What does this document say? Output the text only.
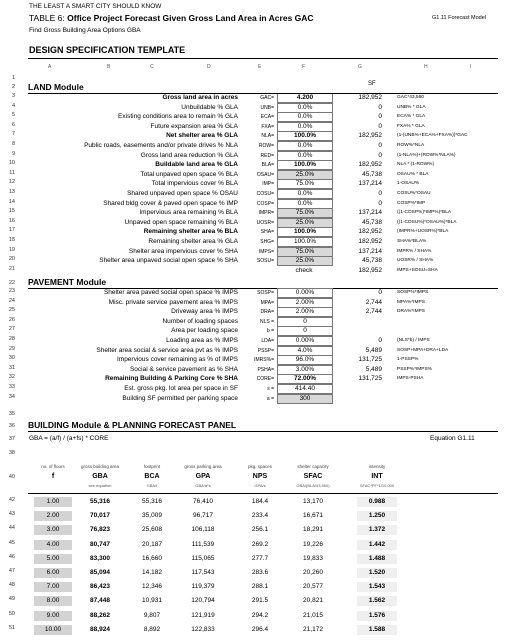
THE LEAST A SMART CITY SHOULD KNOW
TABLE 6: Office Project Forecast Given Gross Land Area in Acres GAC	G1.11 Forecast Model
Find Gross Building Area Options GBA
DESIGN SPECIFICATION TEMPLATE
A	B	C	D	E	F	G	H	I
1
2 LAND Module	SF
3	Gross land area in acres	GAC=	4.200	182,952	GAC*43,560
4	Unbuildable % GLA	UNB=	0.0%	0	UNB% * GLA
5	Existing conditions area to remain % GLA	ECA=	0.0%	0	ECA% * GLA
6	Future expansion area % GLA	FXA=	0.0%	0	FXA% * GLA
7	Net shelter area % GLA	NLA=	100.0%	182,952	(1-(UNB%+ECA%+FXA%))*GAC
8	Public roads, easements and/or private drives % NLA	ROW=	0.0%	0	ROW%*NLA
9	Gross land area reduction % GLA	RED=	0.0%	0	(1-NLA%)+(ROW%*NLA%)
10	Buildable land area % GLA	BLA=	100.0%	182,952	NLA * (1-ROW%)
11	Total unpaved open space % BLA	OSAU=	25.0%	45,738	OSAU% * BLA
12	Total impervious cover % BLA	IMP=	75.0%	137,214	1-OSAU%
13	Shared unpaved open space % OSAU	COSU=	0.0%	0	COSU%*OSAU
14	Shared bldg cover & paved open space % IMP	COSP=	0.0%	0	COSP%*IMP
15	Impervious area remaining % BLA	IMPR=	75.0%	137,214	((1-COSP%)*IMP%)*BLA
16	Unpaved open space remaining % BLA	UOSR=	25.0%	45,738	((1-COSU%)*OSAU%)*BLA
17	Remaining shelter area % BLA	SHA=	100.0%	182,952	(IMPR%+UOSR%)*BLA
18	Remaining shelter area % GLA	SHG=	100.0%	182,952	SHA%*BLA%
19	Shelter area impervious cover % SHA	IMPS=	75.0%	137,214	IMPR% / SHA%
20	Shelter area unpaved social open space % SHA	SOSU=	25.0%	45,738	UOSR% / SHA%
21	check	182,952	IMPS+SOSU=SHA
22 PAVEMENT Module
23	Shelter area paved social open space % IMPS	SOSP=	0.00%	0	SOSP%*IMPS
24	Misc. private service pavement area % IMPS	MPA=	2.00%	2,744	MPA%*IMPS
25	Driveway area % IMPS	DRA=	2.00%	2,744	DRA%*IMPS
26	Number of loading spaces	NLS =	0
27	Area per loading space	b =	0
28	Loading area as % IMPS	LDA=	0.00%	0	(NLS*b) / IMPS
29	Shelter area social & service area pvt as % IMPS	PSSP=	4.0%	5,489	SOSP+MPA+DRA+LDA
30	Impervious cover remaining as % of IMPS	IMRS%=	96.0%	131,725	1-PSSP%
31	Social & service pavement as % SHA	PSHA=	3.00%	5,489	PSSP%*IMPS%
32	Remaining Building & Parking Core % SHA	CORE=	72.00%	131,725	IMPS-PSHA
33	Est. gross pkg. lot area per space in SF	s =	414.40
34	Building SF permitted per parking space	a =	300
35
36 BUILDING Module & PLANNING FORECAST PANEL
37 GBA = (a/f) / (a+fs) * CORE	Equation G1.11
38
no. of floors	gross building area	footprint	gross parking area	pkg. spaces	shelter capacity	intensity
40	f	GBA	BCA	GPA	NPS	SFAC	INT
see equation	GBA/f	GBA/a*s	GPA/s	GBA/(BLA/43,560)	SFAC*PF*1/10,000
42	1.00	55,316	55,316	76,410	184.4	13,170	0.988
43	2.00	70,017	35,009	96,717	233.4	16,671	1.250
44	3.00	76,823	25,608	106,118	256.1	18,291	1.372
45	4.00	80,747	20,187	111,539	269.2	19,226	1.442
46	5.00	83,300	16,660	115,065	277.7	19,833	1.488
47	6.00	85,094	14,182	117,543	283.6	20,260	1.520
48	7.00	86,423	12,346	119,379	288.1	20,577	1.543
49	8.00	87,448	10,931	120,794	291.5	20,821	1.562
50	9.00	88,262	9,807	121,919	294.2	21,015	1.576
51	10.00	88,924	8,892	122,833	296.4	21,172	1.588
